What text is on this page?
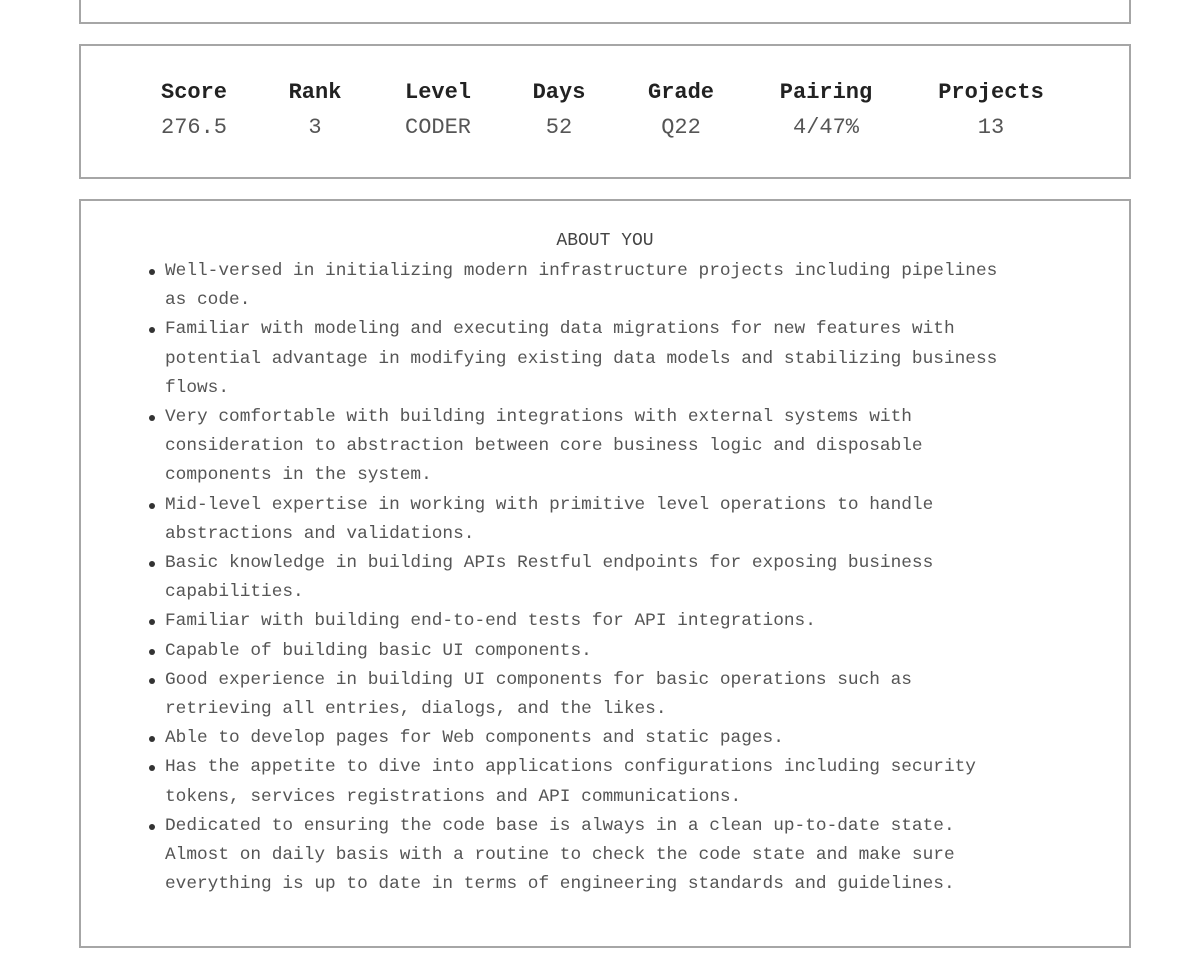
Score
276.5
Rank
3
Level
CODER
Days
52
Grade
Q22
Pairing
4/47%
Projects
13
ABOUT YOU
Well-versed in initializing modern infrastructure projects including pipelines
as code.
Familiar with modeling and executing data migrations for new features with
potential advantage in modifying existing data models and stabilizing business
flows.
Very comfortable with building integrations with external systems with
consideration to abstraction between core business logic and disposable
components in the system.
Mid-level expertise in working with primitive level operations to handle
abstractions and validations.
Basic knowledge in building APIs Restful endpoints for exposing business
capabilities.
Familiar with building end-to-end tests for API integrations.
Capable of building basic UI components.
Good experience in building UI components for basic operations such as
retrieving all entries, dialogs, and the likes.
Able to develop pages for Web components and static pages.
Has the appetite to dive into applications configurations including security
tokens, services registrations and API communications.
Dedicated to ensuring the code base is always in a clean up-to-date state.
Almost on daily basis with a routine to check the code state and make sure
everything is up to date in terms of engineering standards and guidelines.
